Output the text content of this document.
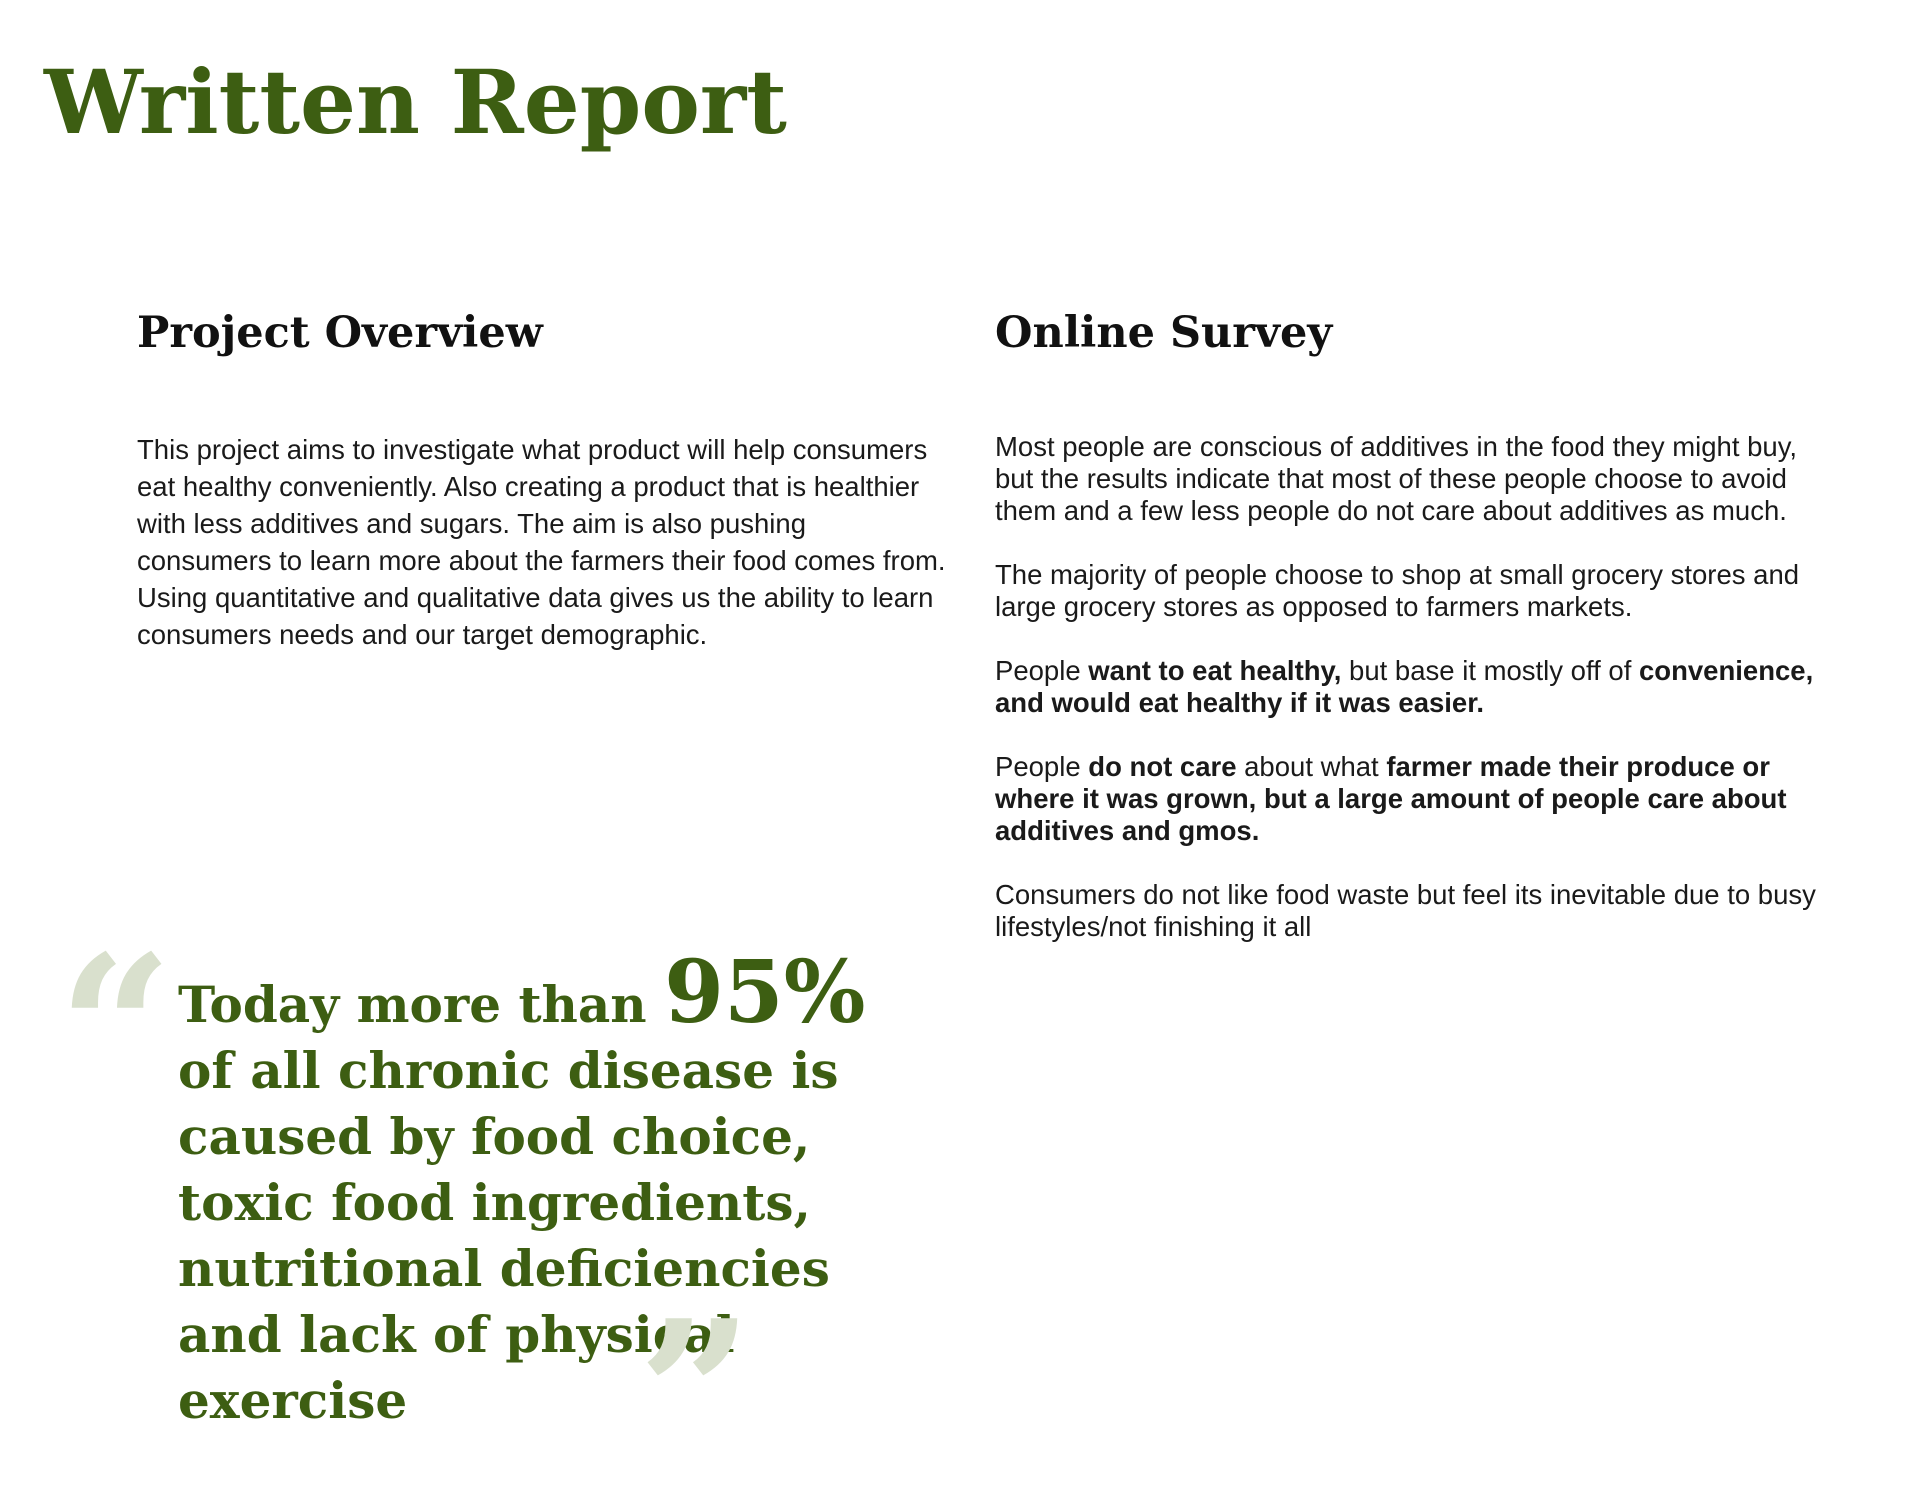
Written Report
Project Overview

This project aims to investigate what product will help consumers eat healthy conveniently. Also creating a product that is healthier with less additives and sugars. The aim is also pushing consumers to learn more about the farmers their food comes from. Using quantitative and qualitative data gives us the ability to learn consumers needs and our target demographic.

Online Survey

Most people are conscious of additives in the food they might buy, but the results indicate that most of these people choose to avoid them and a few less people do not care about additives as much.

The majority of people choose to shop at small grocery stores and large grocery stores as opposed to farmers markets.

People want to eat healthy, but base it mostly off of convenience, and would eat healthy if it was easier.

People do not care about what farmer made their produce or where it was grown, but a large amount of people care about additives and gmos.

Consumers do not like food waste but feel its inevitable due to busy lifestyles/not finishing it all

“ Today more than 95%
of all chronic disease is caused by food choice, toxic food ingredients, nutritional deficiencies and lack of physical exercise	”
